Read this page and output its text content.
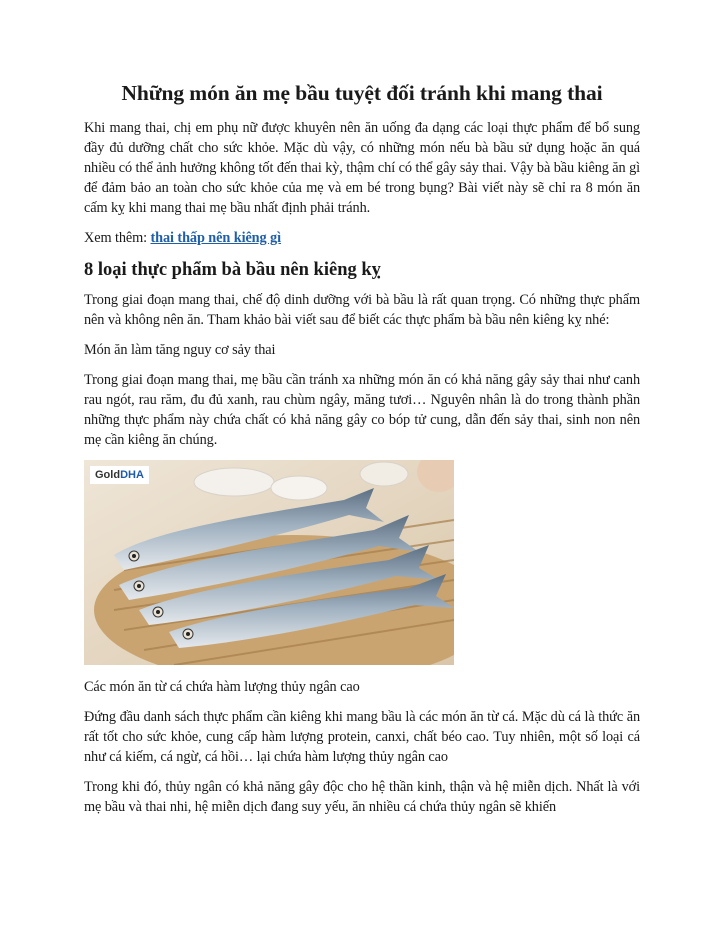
Những món ăn mẹ bầu tuyệt đối tránh khi mang thai

Khi mang thai, chị em phụ nữ được khuyên nên ăn uống đa dạng các loại thực phẩm để bổ sung đầy đủ dưỡng chất cho sức khỏe. Mặc dù vậy, có những món nếu bà bầu sử dụng hoặc ăn quá nhiều có thể ảnh hưởng không tốt đến thai kỳ, thậm chí có thể gây sảy thai. Vậy bà bầu kiêng ăn gì để đảm bảo an toàn cho sức khỏe của mẹ và em bé trong bụng? Bài viết này sẽ chỉ ra 8 món ăn cấm kỵ khi mang thai mẹ bầu nhất định phải tránh.

Xem thêm: thai thấp nên kiêng gì

8 loại thực phẩm bà bầu nên kiêng kỵ

Trong giai đoạn mang thai, chế độ dinh dưỡng với bà bầu là rất quan trọng. Có những thực phẩm nên và không nên ăn. Tham khảo bài viết sau để biết các thực phẩm bà bầu nên kiêng kỵ nhé:

Món ăn làm tăng nguy cơ sảy thai

Trong giai đoạn mang thai, mẹ bầu cần tránh xa những món ăn có khả năng gây sảy thai như canh rau ngót, rau răm, đu đủ xanh, rau chùm ngây, măng tươi… Nguyên nhân là do trong thành phần những thực phẩm này chứa chất có khả năng gây co bóp tử cung, dẫn đến sảy thai, sinh non nên mẹ cần kiêng ăn chúng.

GoldDHA

Các món ăn từ cá chứa hàm lượng thủy ngân cao

Đứng đầu danh sách thực phẩm cần kiêng khi mang bầu là các món ăn từ cá. Mặc dù cá là thức ăn rất tốt cho sức khỏe, cung cấp hàm lượng protein, canxi, chất béo cao. Tuy nhiên, một số loại cá như cá kiếm, cá ngừ, cá hồi… lại chứa hàm lượng thủy ngân cao

Trong khi đó, thủy ngân có khả năng gây độc cho hệ thần kinh, thận và hệ miễn dịch. Nhất là với mẹ bầu và thai nhi, hệ miễn dịch đang suy yếu, ăn nhiều cá chứa thủy ngân sẽ khiến
